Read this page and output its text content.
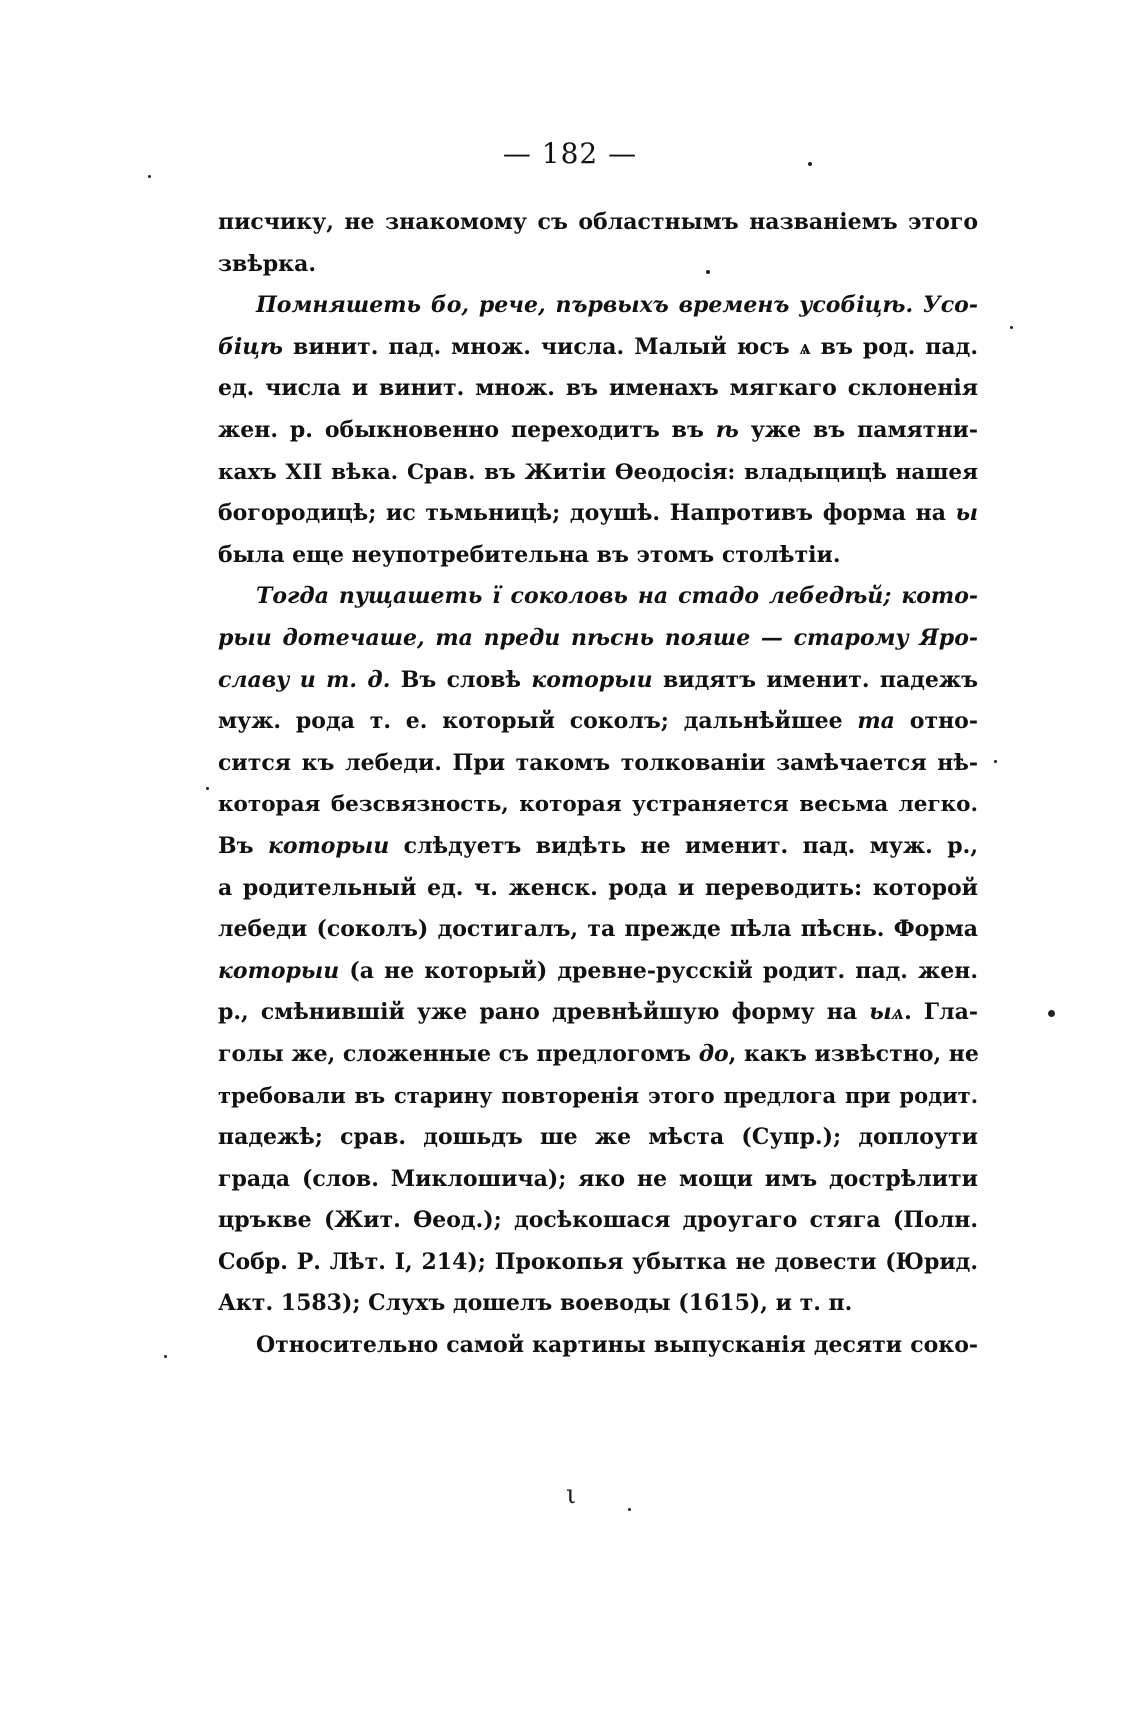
— 182 —
писчику, не знакомому съ областнымъ названіемъ этого
звѣрка.
Помняшеть бо, рече, първыхъ временъ усобіцѣ. Усо-
біцѣ винит. пад. множ. числа. Малый юсъ ѧ въ род. пад.
ед. числа и винит. множ. въ именахъ мягкаго склоненія
жен. р. обыкновенно переходитъ въ ѣ уже въ памятни-
кахъ XII вѣка. Срав. въ Житіи Өеодосія: владыцицѣ нашея
богородицѣ; ис тьмьницѣ; доушѣ. Напротивъ форма на ы
была еще неупотребительна въ этомъ столѣтіи.
Тогда пущашеть ї соколовь на стадо лебедѣй; кото-
рыи дотечаше, та преди пѣснь пояше — старому Яро-
славу и т. д. Въ словѣ которыи видятъ именит. падежъ
муж. рода т. е. который соколъ; дальнѣйшее та отно-
сится къ лебеди. При такомъ толкованіи замѣчается нѣ-
которая безсвязность, которая устраняется весьма легко.
Въ которыи слѣдуетъ видѣть не именит. пад. муж. р.,
а родительный ед. ч. женск. рода и переводить: которой
лебеди (соколъ) достигалъ, та прежде пѣла пѣснь. Форма
которыи (а не который) древне-русскій родит. пад. жен.
р., смѣнившій уже рано древнѣйшую форму на ыѧ. Гла-
голы же, сложенные съ предлогомъ до, какъ извѣстно, не
требовали въ старину повторенія этого предлога при родит.
падежѣ; срав. дошьдъ ше же мѣста (Супр.); доплоути
града (слов. Миклошича); яко не мощи имъ дострѣлити
цръкве (Жит. Өеод.); досѣкошася дроугаго стяга (Полн.
Собр. Р. Лѣт. I, 214); Прокопья убытка не довести (Юрид.
Акт. 1583); Слухъ дошелъ воеводы (1615), и т. п.
Относительно самой картины выпусканія десяти соко-
ι
